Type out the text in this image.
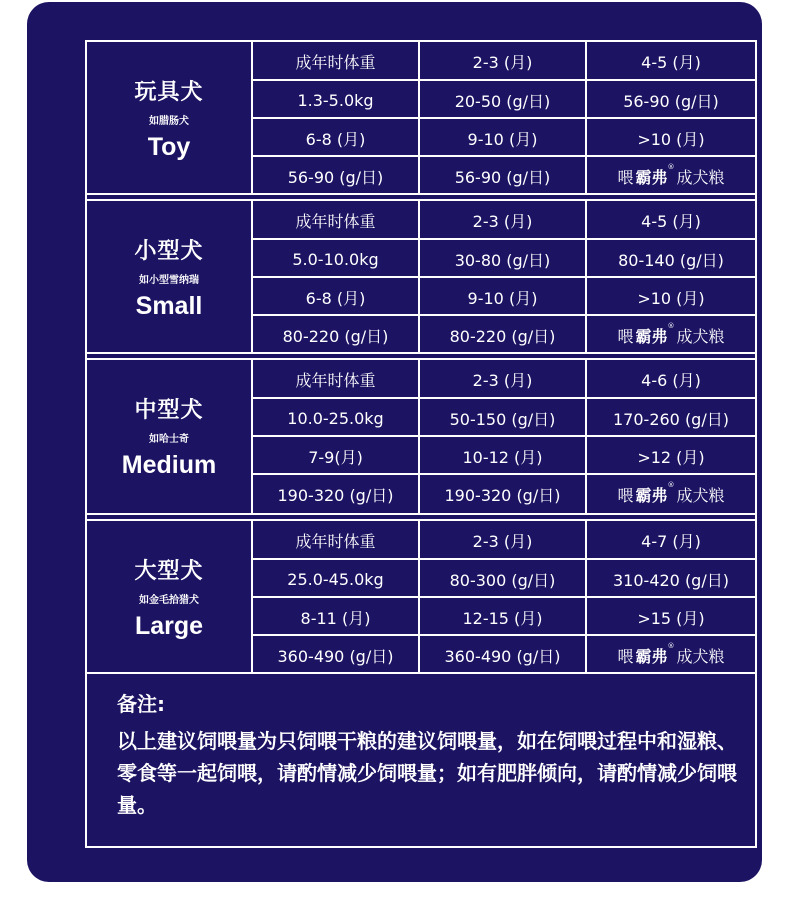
玩具犬
如腊肠犬
Toy
成年时体重	2-3 (月)	4-5 (月)
1.3-5.0kg	20-50 (g/日)	56-90 (g/日)
6-8 (月)	9-10 (月)	>10 (月)
56-90 (g/日)	56-90 (g/日)	喂 霸弗®
成犬粮
小型犬
如小型雪纳瑞
Small
成年时体重	2-3 (月)	4-5 (月)
5.0-10.0kg	30-80 (g/日)	80-140 (g/日)
6-8 (月)	9-10 (月)	>10 (月)
80-220 (g/日)	80-220 (g/日)	喂 霸弗®
成犬粮
中型犬
如哈士奇
Medium
成年时体重	2-3 (月)	4-6 (月)
10.0-25.0kg	50-150 (g/日)	170-260 (g/日)
7-9(月)	10-12 (月)	>12 (月)
190-320 (g/日)	190-320 (g/日)	喂 霸弗®
成犬粮
大型犬
如金毛拾猎犬
Large
成年时体重	2-3 (月)	4-7 (月)
25.0-45.0kg	80-300 (g/日)	310-420 (g/日)
8-11 (月)	12-15 (月)	>15 (月)
360-490 (g/日)	360-490 (g/日)	喂 霸弗®
成犬粮
备注:
以上建议饲喂量为只饲喂干粮的建议饲喂量，如在饲喂过程中和湿粮、零食等一起饲喂，请酌情减少饲喂量；如有肥胖倾向，请酌情减少饲喂量。
